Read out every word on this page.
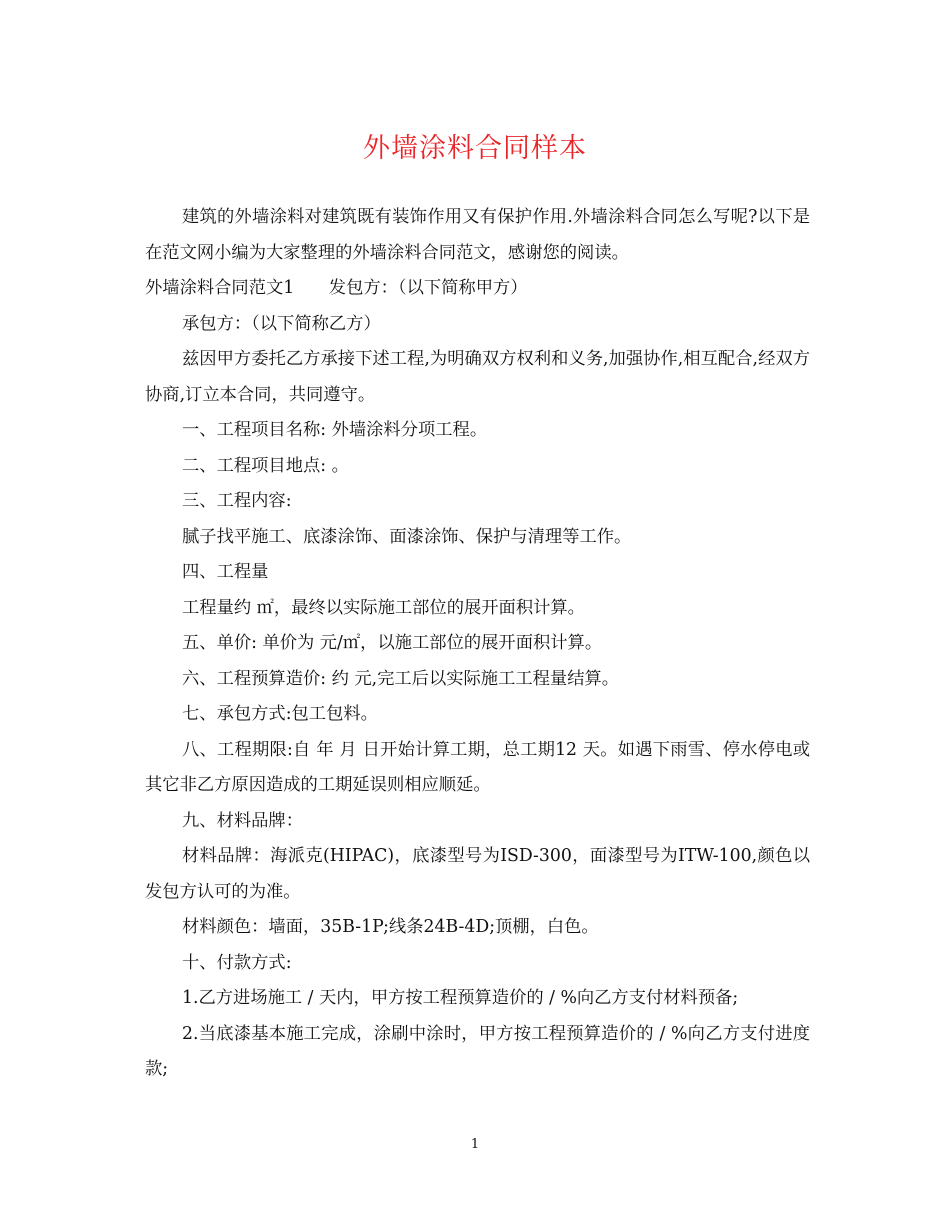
外墙涂料合同样本

建筑的外墙涂料对建筑既有装饰作用又有保护作用.外墙涂料合同怎么写呢?以下是在范文网小编为大家整理的外墙涂料合同范文，感谢您的阅读。

外墙涂料合同范文1　　发包方：（以下简称甲方）

承包方：（以下简称乙方）

兹因甲方委托乙方承接下述工程,为明确双方权利和义务,加强协作,相互配合,经双方协商,订立本合同，共同遵守。

一、工程项目名称: 外墙涂料分项工程。

二、工程项目地点: 。

三、工程内容:

腻子找平施工、底漆涂饰、面漆涂饰、保护与清理等工作。

四、工程量

工程量约 ㎡，最终以实际施工部位的展开面积计算。

五、单价: 单价为 元/㎡，以施工部位的展开面积计算。

六、工程预算造价: 约 元,完工后以实际施工工程量结算。

七、承包方式:包工包料。

八、工程期限:自 年 月 日开始计算工期，总工期12 天。如遇下雨雪、停水停电或其它非乙方原因造成的工期延误则相应顺延。

九、材料品牌：

材料品牌：海派克(HIPAC)，底漆型号为ISD-300，面漆型号为ITW-100,颜色以发包方认可的为准。

材料颜色：墙面，35B-1P;线条24B-4D;顶棚，白色。

十、付款方式:

1.乙方进场施工 / 天内，甲方按工程预算造价的 / %向乙方支付材料预备;

2.当底漆基本施工完成，涂刷中涂时，甲方按工程预算造价的 / %向乙方支付进度款;

1
